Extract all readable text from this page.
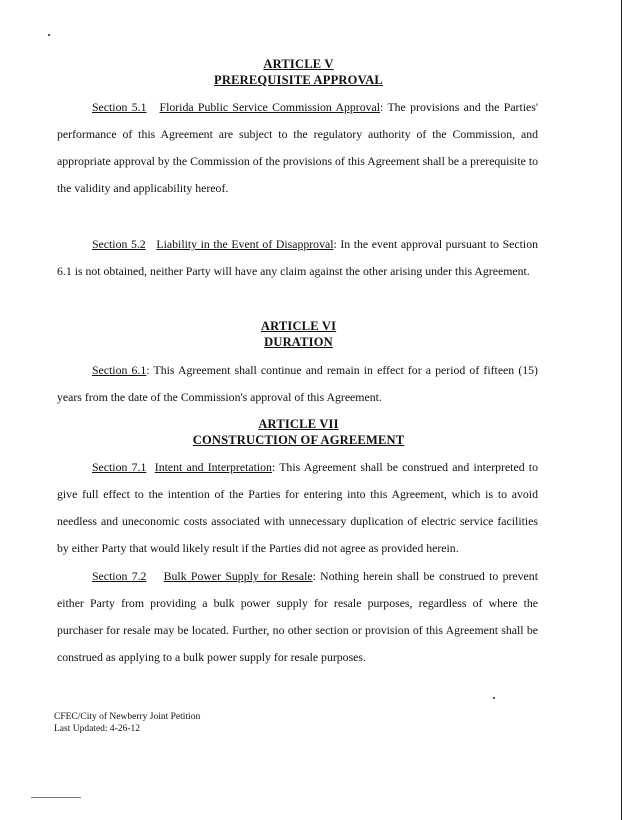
ARTICLE V
PREREQUISITE APPROVAL

Section 5.1 Florida Public Service Commission Approval: The provisions and the Parties' performance of this Agreement are subject to the regulatory authority of the Commission, and appropriate approval by the Commission of the provisions of this Agreement shall be a prerequisite to the validity and applicability hereof.

Section 5.2 Liability in the Event of Disapproval: In the event approval pursuant to Section 6.1 is not obtained, neither Party will have any claim against the other arising under this Agreement.

ARTICLE VI
DURATION

Section 6.1: This Agreement shall continue and remain in effect for a period of fifteen (15) years from the date of the Commission's approval of this Agreement.

ARTICLE VII
CONSTRUCTION OF AGREEMENT

Section 7.1 Intent and Interpretation: This Agreement shall be construed and interpreted to give full effect to the intention of the Parties for entering into this Agreement, which is to avoid needless and uneconomic costs associated with unnecessary duplication of electric service facilities by either Party that would likely result if the Parties did not agree as provided herein.

Section 7.2 Bulk Power Supply for Resale: Nothing herein shall be construed to prevent either Party from providing a bulk power supply for resale purposes, regardless of where the purchaser for resale may be located. Further, no other section or provision of this Agreement shall be construed as applying to a bulk power supply for resale purposes.

CFEC/City of Newberry Joint Petition
Last Updated: 4-26-12
